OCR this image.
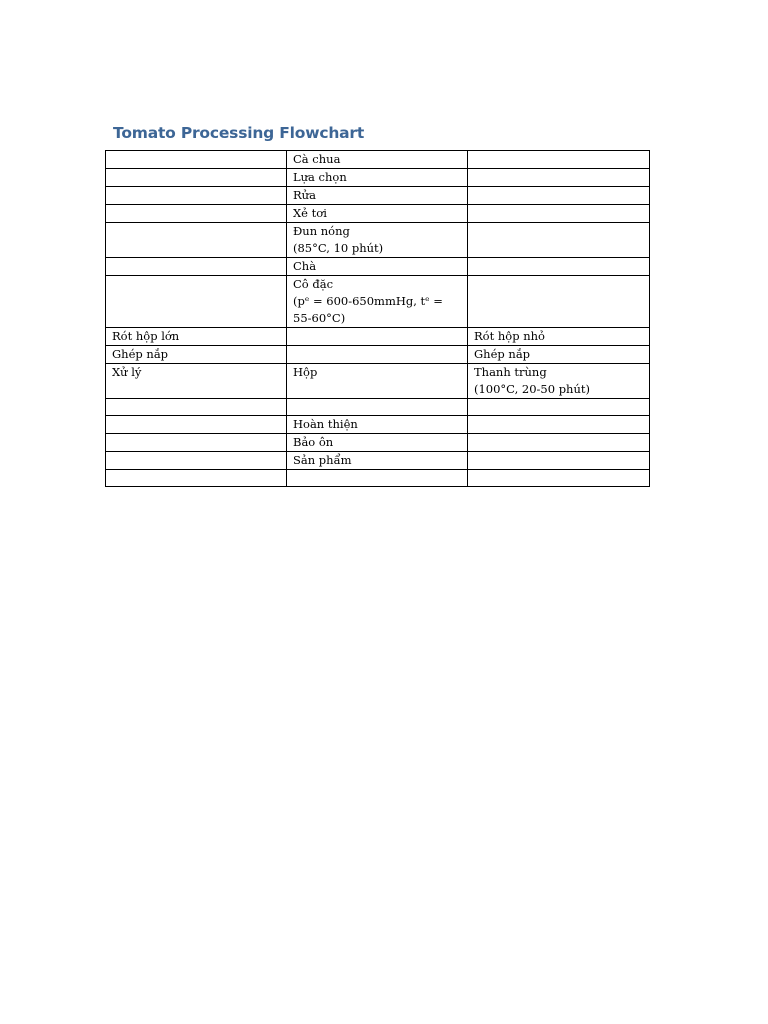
Tomato Processing Flowchart

	Cà chua	

	Lựa chọn	

	Rửa	

	Xẻ tơi	

	Đun nóng
(85°C, 10 phút)	

	Chà	

	Cô đặc
(pᵉ = 600-650mmHg, tᵉ = 55-60°C)	

Rót hộp lớn		Rót hộp nhỏ

Ghép nắp		Ghép nắp

Xử lý	Hộp	Thanh trùng
(100°C, 20-50 phút)

	Hoàn thiện	

	Bảo ôn	

	Sản phẩm	
